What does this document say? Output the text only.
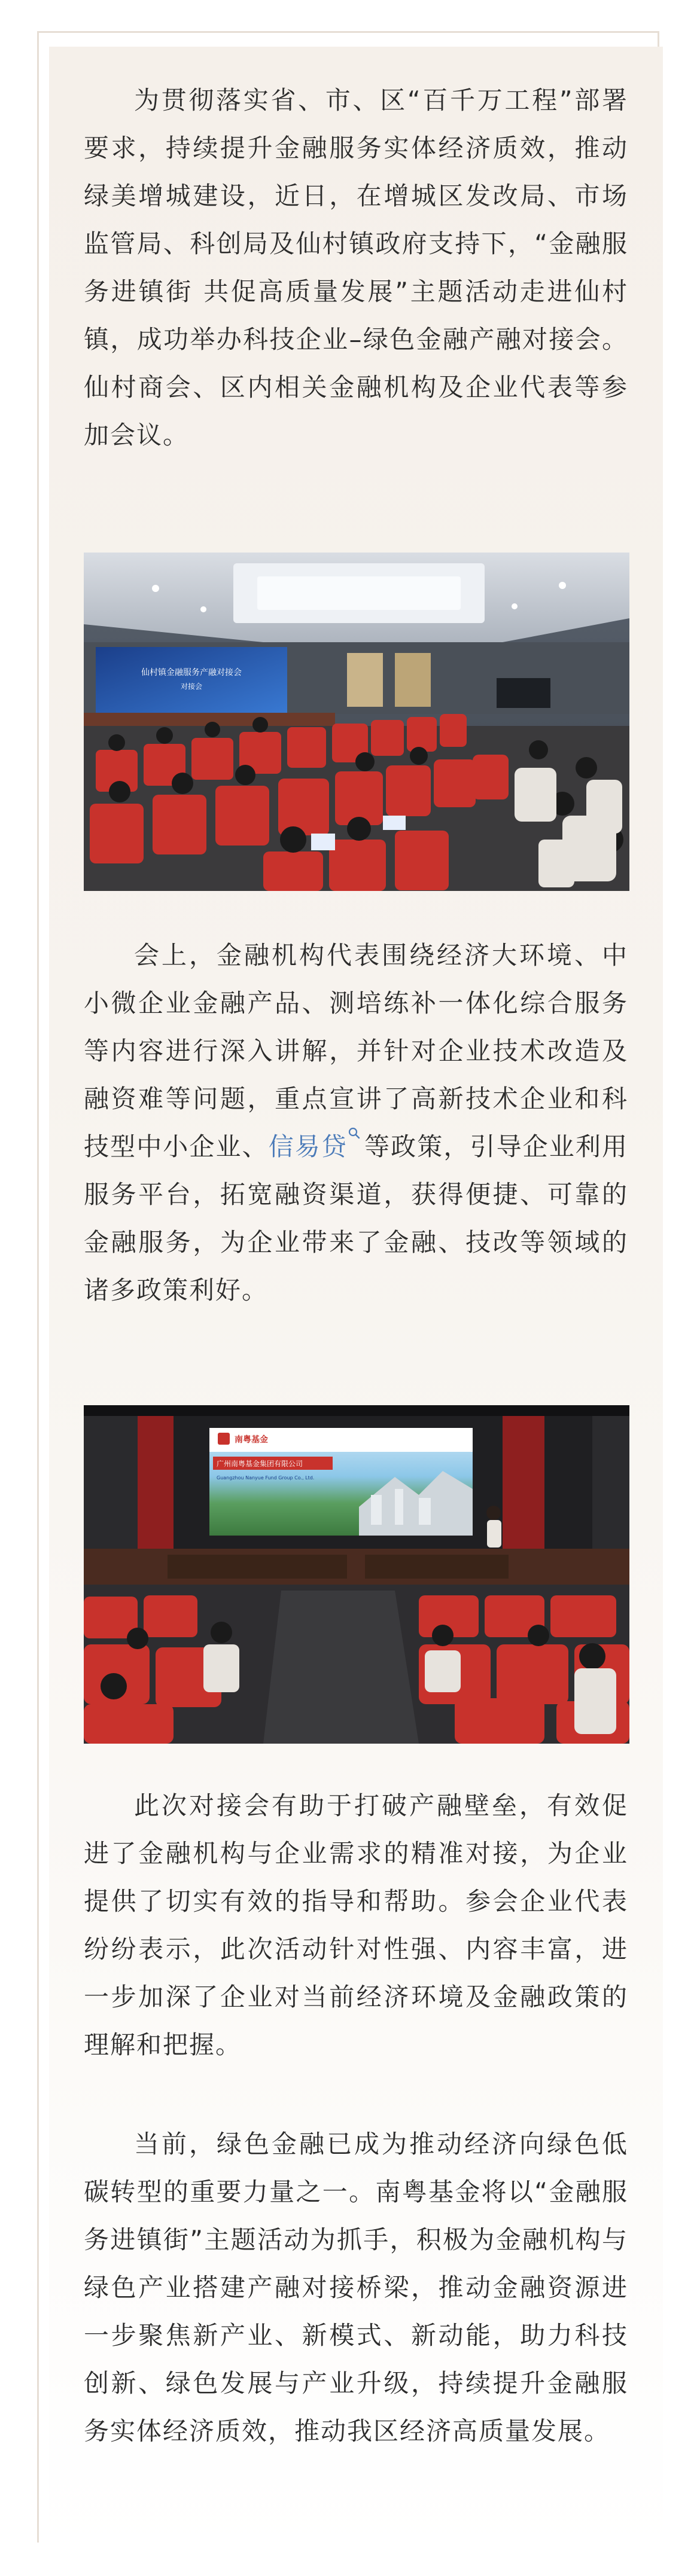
为贯彻落实省、市、区“百千万工程”部署要求，持续提升金融服务实体经济质效，推动绿美增城建设，近日，在增城区发改局、市场监管局、科创局及仙村镇政府支持下，“金融服务进镇街 共促高质量发展”主题活动走进仙村镇，成功举办科技企业–绿色金融产融对接会。仙村商会、区内相关金融机构及企业代表等参加会议。

仙村镇金融服务产融对接会
对接会

会上，金融机构代表围绕经济大环境、中小微企业金融产品、测培练补一体化综合服务等内容进行深入讲解，并针对企业技术改造及融资难等问题，重点宣讲了高新技术企业和科技型中小企业、信易贷 等政策，引导企业利用服务平台，拓宽融资渠道，获得便捷、可靠的金融服务，为企业带来了金融、技改等领域的诸多政策利好。

南粤基金
广州南粤基金集团有限公司
Guangzhou Nanyue Fund Group Co., Ltd.

此次对接会有助于打破产融壁垒，有效促进了金融机构与企业需求的精准对接，为企业提供了切实有效的指导和帮助。参会企业代表纷纷表示，此次活动针对性强、内容丰富，进一步加深了企业对当前经济环境及金融政策的理解和把握。

当前，绿色金融已成为推动经济向绿色低碳转型的重要力量之一。南粤基金将以“金融服务进镇街”主题活动为抓手，积极为金融机构与绿色产业搭建产融对接桥梁，推动金融资源进一步聚焦新产业、新模式、新动能，助力科技创新、绿色发展与产业升级，持续提升金融服务实体经济质效，推动我区经济高质量发展。
